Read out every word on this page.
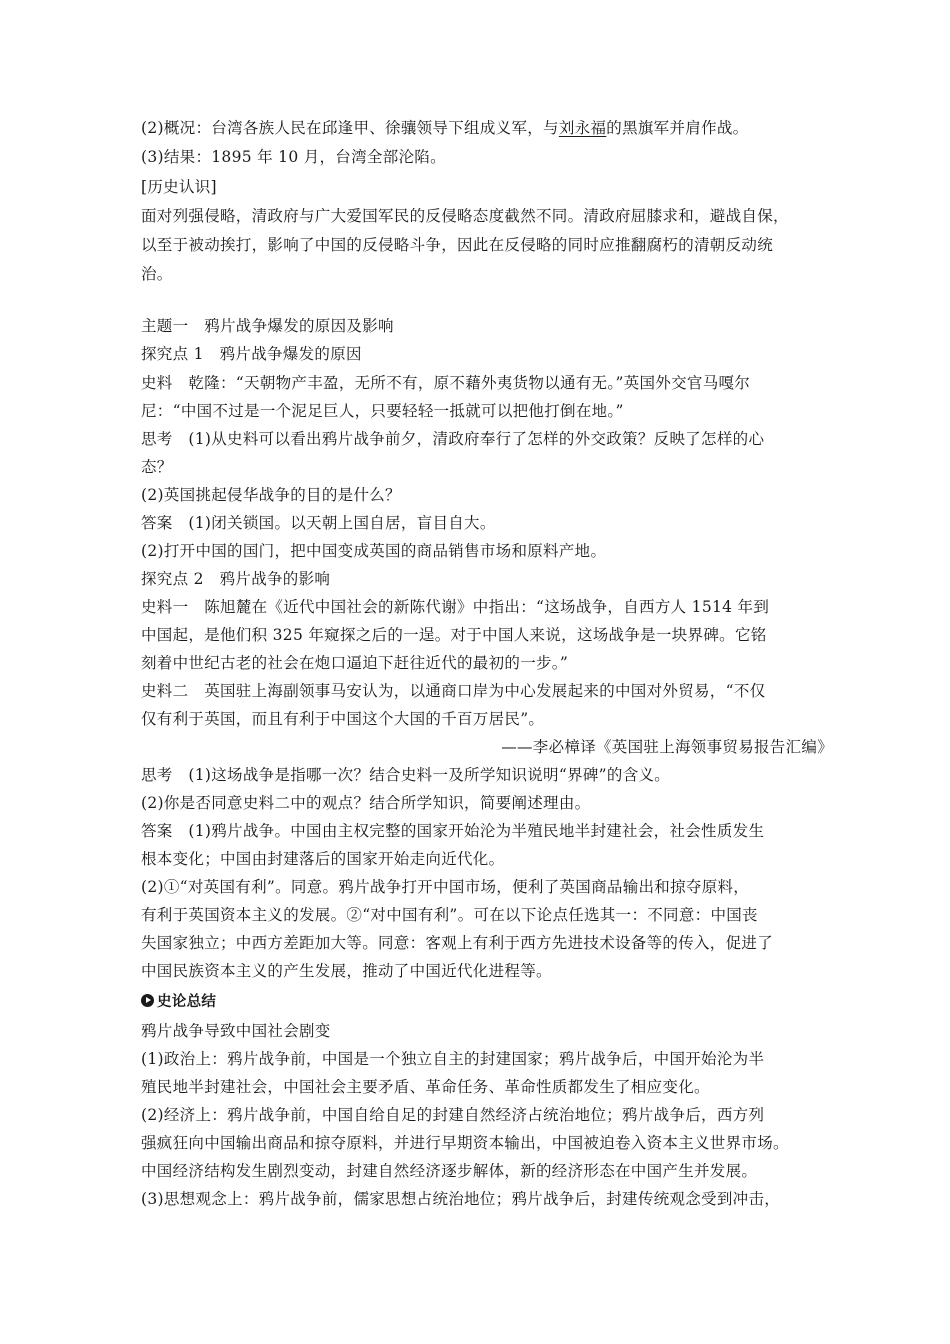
(2)概况：台湾各族人民在邱逢甲、徐骧领导下组成义军，与刘永福的黑旗军并肩作战。
(3)结果：1895 年 10 月，台湾全部沦陷。
[历史认识]
面对列强侵略，清政府与广大爱国军民的反侵略态度截然不同。清政府屈膝求和，避战自保，
以至于被动挨打，影响了中国的反侵略斗争，因此在反侵略的同时应推翻腐朽的清朝反动统
治。
主题一　鸦片战争爆发的原因及影响
探究点 1　鸦片战争爆发的原因
史料　乾隆：“天朝物产丰盈，无所不有，原不藉外夷货物以通有无。”英国外交官马嘎尔
尼：“中国不过是一个泥足巨人，只要轻轻一抵就可以把他打倒在地。”
思考　(1)从史料可以看出鸦片战争前夕，清政府奉行了怎样的外交政策？反映了怎样的心
态？
(2)英国挑起侵华战争的目的是什么？
答案　(1)闭关锁国。以天朝上国自居，盲目自大。
(2)打开中国的国门，把中国变成英国的商品销售市场和原料产地。
探究点 2　鸦片战争的影响
史料一　陈旭麓在《近代中国社会的新陈代谢》中指出：“这场战争，自西方人 1514 年到
中国起，是他们积 325 年窥探之后的一逞。对于中国人来说，这场战争是一块界碑。它铭
刻着中世纪古老的社会在炮口逼迫下赶往近代的最初的一步。”
史料二　英国驻上海副领事马安认为，以通商口岸为中心发展起来的中国对外贸易，“不仅
仅有利于英国，而且有利于中国这个大国的千百万居民”。
——李必樟译《英国驻上海领事贸易报告汇编》
思考　(1)这场战争是指哪一次？结合史料一及所学知识说明“界碑”的含义。
(2)你是否同意史料二中的观点？结合所学知识，简要阐述理由。
答案　(1)鸦片战争。中国由主权完整的国家开始沦为半殖民地半封建社会，社会性质发生
根本变化；中国由封建落后的国家开始走向近代化。
(2)①“对英国有利”。同意。鸦片战争打开中国市场，便利了英国商品输出和掠夺原料，
有利于英国资本主义的发展。②“对中国有利”。可在以下论点任选其一：不同意：中国丧
失国家独立；中西方差距加大等。同意：客观上有利于西方先进技术设备等的传入，促进了
中国民族资本主义的产生发展，推动了中国近代化进程等。
史论总结
鸦片战争导致中国社会剧变
(1)政治上：鸦片战争前，中国是一个独立自主的封建国家；鸦片战争后，中国开始沦为半
殖民地半封建社会，中国社会主要矛盾、革命任务、革命性质都发生了相应变化。
(2)经济上：鸦片战争前，中国自给自足的封建自然经济占统治地位；鸦片战争后，西方列
强疯狂向中国输出商品和掠夺原料，并进行早期资本输出，中国被迫卷入资本主义世界市场。
中国经济结构发生剧烈变动，封建自然经济逐步解体，新的经济形态在中国产生并发展。
(3)思想观念上：鸦片战争前，儒家思想占统治地位；鸦片战争后，封建传统观念受到冲击，
